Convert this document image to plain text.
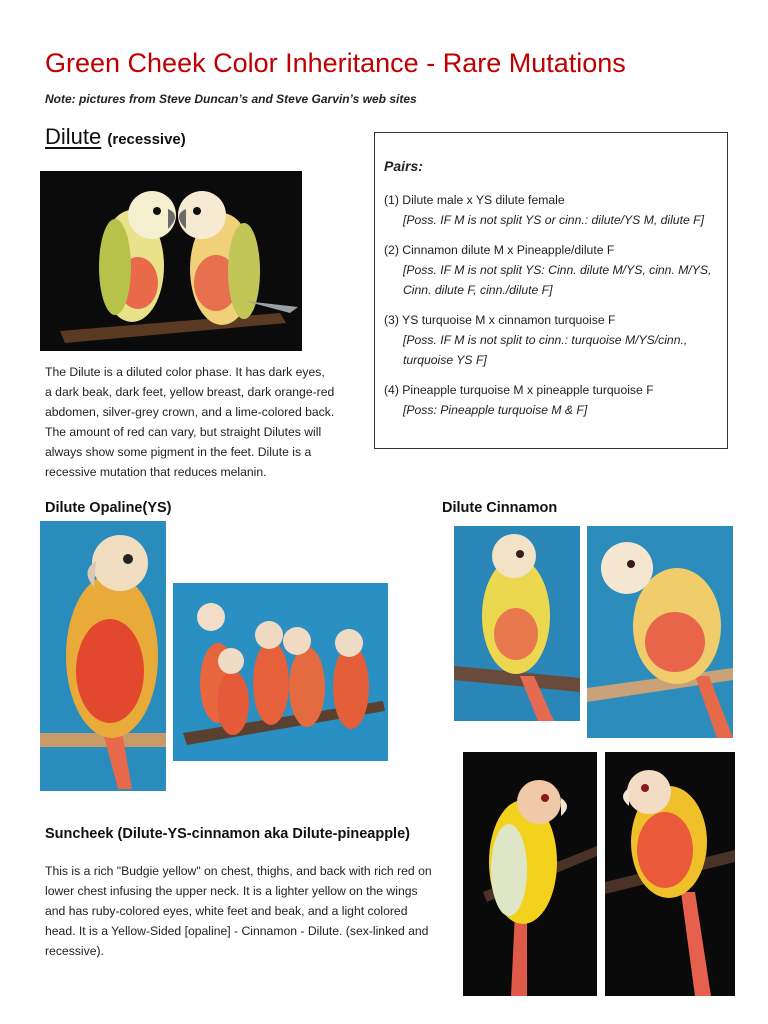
Green Cheek Color Inheritance - Rare Mutations
Note: pictures from Steve Duncan’s and Steve Garvin’s web sites
Dilute (recessive)
The Dilute is a diluted color phase. It has dark eyes,
a dark beak, dark feet, yellow breast, dark orange-red
abdomen, silver-grey crown, and a lime-colored back.
The amount of red can vary, but straight Dilutes will
always show some pigment in the feet. Dilute is a
recessive mutation that reduces melanin.
Pairs:
(1) Dilute male x YS dilute female
[Poss. IF M is not split YS or cinn.: dilute/YS M, dilute F]
(2) Cinnamon dilute M x Pineapple/dilute F
[Poss. IF M is not split YS: Cinn. dilute M/YS, cinn. M/YS,
Cinn. dilute F, cinn./dilute F]
(3) YS turquoise M x cinnamon turquoise F
[Poss. IF M is not split to cinn.: turquoise M/YS/cinn.,
turquoise YS F]
(4) Pineapple turquoise M x pineapple turquoise F
[Poss: Pineapple turquoise M & F]
Dilute Opaline(YS)	Dilute Cinnamon
Suncheek (Dilute-YS-cinnamon aka Dilute-pineapple)
This is a rich "Budgie yellow" on chest, thighs, and back with rich red on
lower chest infusing the upper neck. It is a lighter yellow on the wings
and has ruby-colored eyes, white feet and beak, and a light colored
head. It is a Yellow-Sided [opaline] - Cinnamon - Dilute. (sex-linked and
recessive).
